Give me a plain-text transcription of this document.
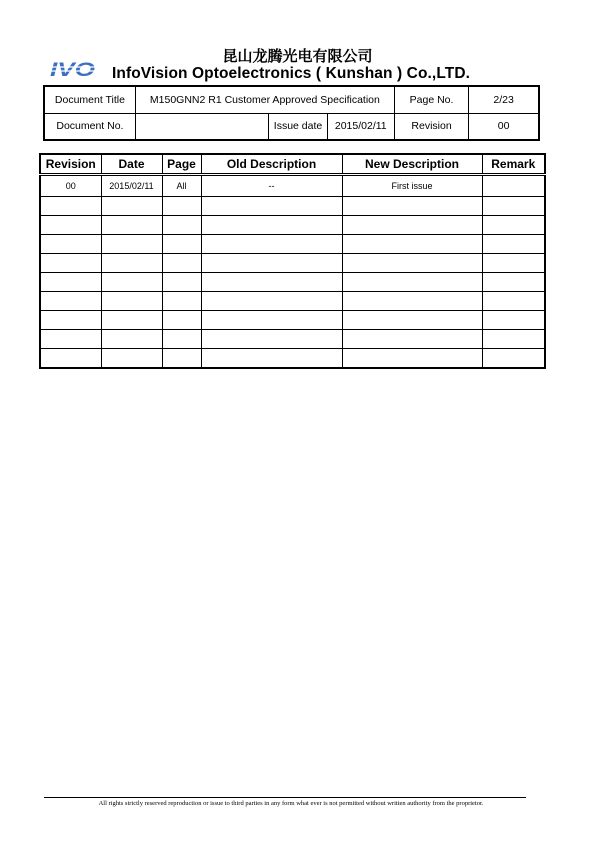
IVO
昆山龙腾光电有限公司
InfoVision Optoelectronics ( Kunshan ) Co.,LTD.
Document Title	M150GNN2 R1 Customer Approved Specification			Page No.	2/23
Document No.		Issue date	2015/02/11	Revision	00
Revision	Date	Page	Old Description	New Description	Remark
00	2015/02/11	All	--	First issue	

All rights strictly reserved reproduction or issue to third parties in any form what ever is not permitted without written authority from the proprietor.
